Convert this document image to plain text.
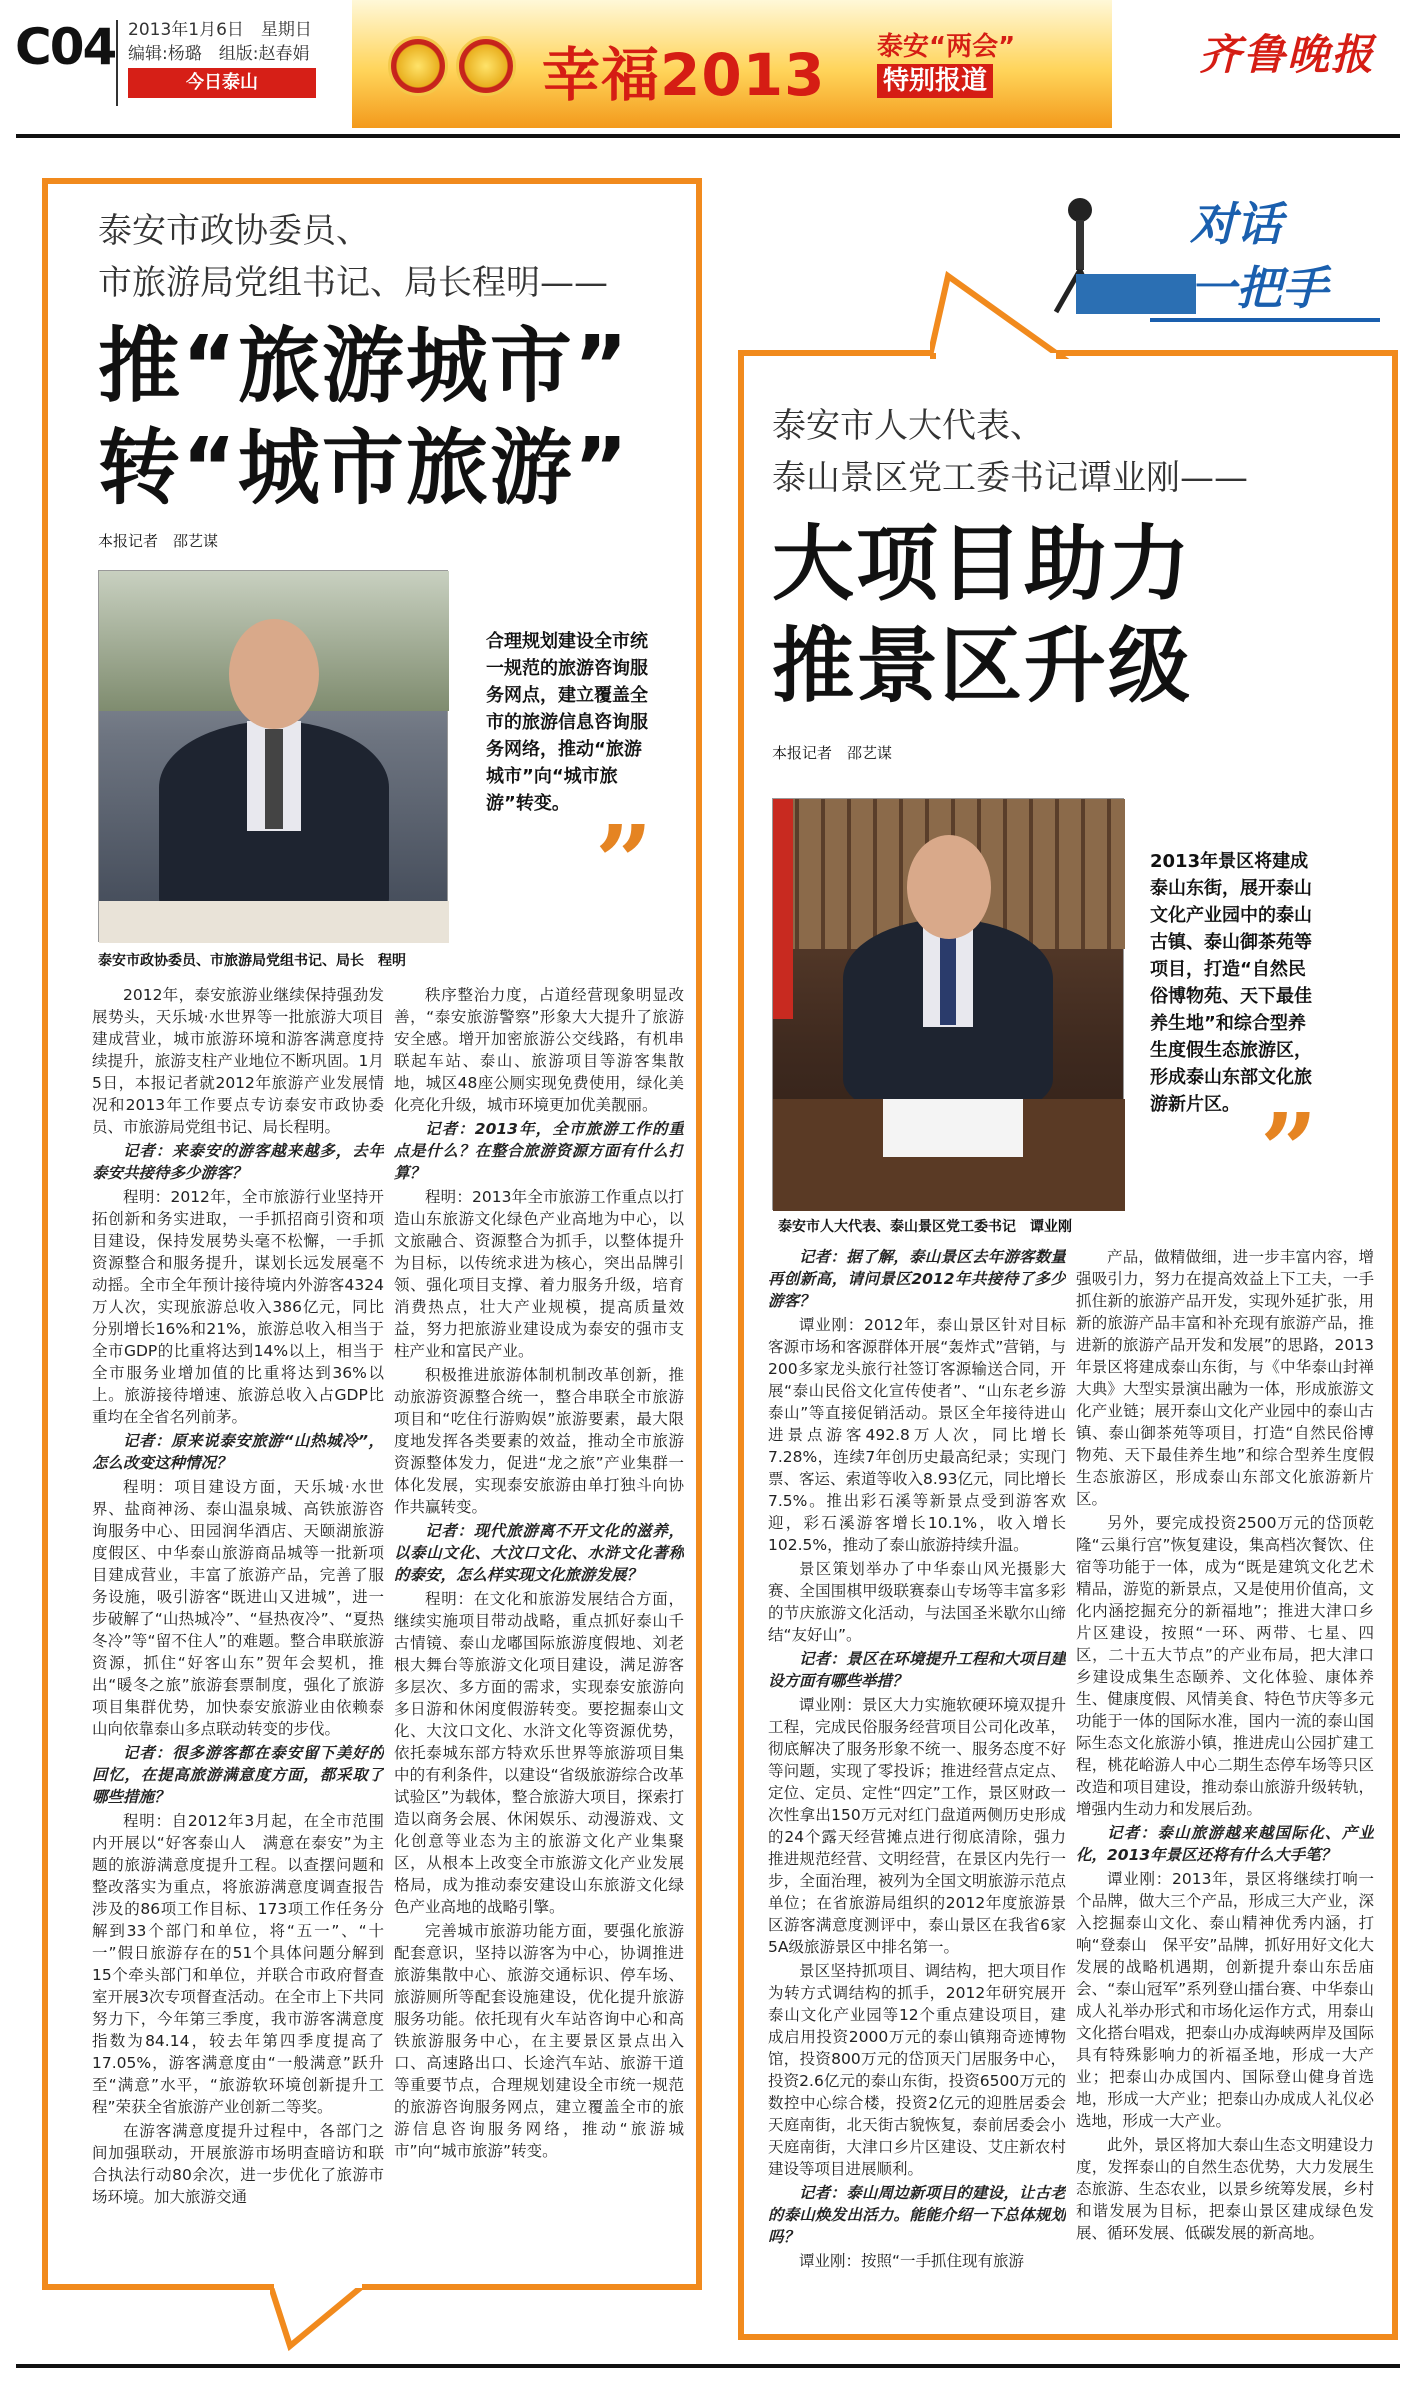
C04 2013年1月6日　星期日
编辑:杨璐　组版:赵春娟
今日泰山	幸福2013 泰安“两会”
特别报道
齐鲁晚报
泰安市政协委员、
市旅游局党组书记、局长程明——
推“旅游城市”
转“城市旅游”
本报记者　邵艺谋
泰安市政协委员、市旅游局党组书记、局长　程明
合理规划建设全市统一规范的旅游咨询服务网点，建立覆盖全市的旅游信息咨询服务网络，推动“旅游城市”向“城市旅游”转变。 ”

2012年，泰安旅游业继续保持强劲发展势头，天乐城·水世界等一批旅游大项目建成营业，城市旅游环境和游客满意度持续提升，旅游支柱产业地位不断巩固。1月5日，本报记者就2012年旅游产业发展情况和2013年工作要点专访泰安市政协委员、市旅游局党组书记、局长程明。

记者：来泰安的游客越来越多，去年泰安共接待多少游客？

程明：2012年，全市旅游行业坚持开拓创新和务实进取，一手抓招商引资和项目建设，保持发展势头毫不松懈，一手抓资源整合和服务提升，谋划长远发展毫不动摇。全市全年预计接待境内外游客4324万人次，实现旅游总收入386亿元，同比分别增长16%和21%，旅游总收入相当于全市GDP的比重将达到14%以上，相当于全市服务业增加值的比重将达到36%以上。旅游接待增速、旅游总收入占GDP比重均在全省名列前茅。

记者：原来说泰安旅游“山热城冷”，怎么改变这种情况？

程明：项目建设方面，天乐城·水世界、盐商神汤、泰山温泉城、高铁旅游咨询服务中心、田园润华酒店、天颐湖旅游度假区、中华泰山旅游商品城等一批新项目建成营业，丰富了旅游产品，完善了服务设施，吸引游客“既进山又进城”，进一步破解了“山热城冷”、“昼热夜冷”、“夏热冬冷”等“留不住人”的难题。整合串联旅游资源，抓住“好客山东”贺年会契机，推出“暖冬之旅”旅游套票制度，强化了旅游项目集群优势，加快泰安旅游业由依赖泰山向依靠泰山多点联动转变的步伐。

记者：很多游客都在泰安留下美好的回忆，在提高旅游满意度方面，都采取了哪些措施？

程明：自2012年3月起，在全市范围内开展以“好客泰山人　满意在泰安”为主题的旅游满意度提升工程。以查摆问题和整改落实为重点，将旅游满意度调查报告涉及的86项工作目标、173项工作任务分解到33个部门和单位，将“五一”、“十一”假日旅游存在的51个具体问题分解到15个牵头部门和单位，并联合市政府督查室开展3次专项督查活动。在全市上下共同努力下，今年第三季度，我市游客满意度指数为84.14，较去年第四季度提高了17.05%，游客满意度由“一般满意”跃升至“满意”水平，“旅游软环境创新提升工程”荣获全省旅游产业创新二等奖。

在游客满意度提升过程中，各部门之间加强联动，开展旅游市场明查暗访和联合执法行动80余次，进一步优化了旅游市场环境。加大旅游交通

秩序整治力度，占道经营现象明显改善，“泰安旅游警察”形象大大提升了旅游安全感。增开加密旅游公交线路，有机串联起车站、泰山、旅游项目等游客集散地，城区48座公厕实现免费使用，绿化美化亮化升级，城市环境更加优美靓丽。

记者：2013年，全市旅游工作的重点是什么？在整合旅游资源方面有什么打算？

程明：2013年全市旅游工作重点以打造山东旅游文化绿色产业高地为中心，以文旅融合、资源整合为抓手，以整体提升为目标，以传统求进为核心，突出品牌引领、强化项目支撑、着力服务升级，培育消费热点，壮大产业规模，提高质量效益，努力把旅游业建设成为泰安的强市支柱产业和富民产业。

积极推进旅游体制机制改革创新，推动旅游资源整合统一，整合串联全市旅游项目和“吃住行游购娱”旅游要素，最大限度地发挥各类要素的效益，推动全市旅游资源整体发力，促进“龙之旅”产业集群一体化发展，实现泰安旅游由单打独斗向协作共赢转变。

记者：现代旅游离不开文化的滋养，以泰山文化、大汶口文化、水浒文化著称的泰安，怎么样实现文化旅游发展？

程明：在文化和旅游发展结合方面，继续实施项目带动战略，重点抓好泰山千古情镜、泰山龙嘟国际旅游度假地、刘老根大舞台等旅游文化项目建设，满足游客多层次、多方面的需求，实现泰安旅游向多日游和休闲度假游转变。要挖掘泰山文化、大汶口文化、水浒文化等资源优势，依托泰城东部方特欢乐世界等旅游项目集中的有利条件，以建设“省级旅游综合改革试验区”为载体，整合旅游大项目，探索打造以商务会展、休闲娱乐、动漫游戏、文化创意等业态为主的旅游文化产业集聚区，从根本上改变全市旅游文化产业发展格局，成为推动泰安建设山东旅游文化绿色产业高地的战略引擎。

完善城市旅游功能方面，要强化旅游配套意识，坚持以游客为中心，协调推进旅游集散中心、旅游交通标识、停车场、旅游厕所等配套设施建设，优化提升旅游服务功能。依托现有火车站咨询中心和高铁旅游服务中心，在主要景区景点出入口、高速路出口、长途汽车站、旅游干道等重要节点，合理规划建设全市统一规范的旅游咨询服务网点，建立覆盖全市的旅游信息咨询服务网络，推动“旅游城市”向“城市旅游”转变。

对话
一把手
泰安市人大代表、
泰山景区党工委书记谭业刚——
大项目助力
推景区升级
本报记者　邵艺谋
泰安市人大代表、泰山景区党工委书记　谭业刚
2013年景区将建成泰山东街，展开泰山文化产业园中的泰山古镇、泰山御茶苑等项目，打造“自然民俗博物苑、天下最佳养生地”和综合型养生度假生态旅游区，形成泰山东部文化旅游新片区。 ”

记者：据了解，泰山景区去年游客数量再创新高，请问景区2012年共接待了多少游客？

谭业刚：2012年，泰山景区针对目标客源市场和客源群体开展“轰炸式”营销，与200多家龙头旅行社签订客源输送合同，开展“泰山民俗文化宣传使者”、“山东老乡游泰山”等直接促销活动。景区全年接待进山进景点游客492.8万人次，同比增长7.28%，连续7年创历史最高纪录；实现门票、客运、索道等收入8.93亿元，同比增长7.5%。推出彩石溪等新景点受到游客欢迎，彩石溪游客增长10.1%，收入增长102.5%，推动了泰山旅游持续升温。

景区策划举办了中华泰山风光摄影大赛、全国围棋甲级联赛泰山专场等丰富多彩的节庆旅游文化活动，与法国圣米歇尔山缔结“友好山”。

记者：景区在环境提升工程和大项目建设方面有哪些举措？

谭业刚：景区大力实施软硬环境双提升工程，完成民俗服务经营项目公司化改革，彻底解决了服务形象不统一、服务态度不好等问题，实现了零投诉；推进经营点定点、定位、定员、定性“四定”工作，景区财政一次性拿出150万元对红门盘道两侧历史形成的24个露天经营摊点进行彻底清除，强力推进规范经营、文明经营，在景区内先行一步，全面治理，被列为全国文明旅游示范点单位；在省旅游局组织的2012年度旅游景区游客满意度测评中，泰山景区在我省6家5A级旅游景区中排名第一。

景区坚持抓项目、调结构，把大项目作为转方式调结构的抓手，2012年研究展开泰山文化产业园等12个重点建设项目，建成启用投资2000万元的泰山镇翔奇迹博物馆，投资800万元的岱顶天门居服务中心，投资2.6亿元的泰山东街，投资6500万元的数控中心综合楼，投资2亿元的迎胜居委会天庭南街，北天街古貌恢复，泰前居委会小天庭南街，大津口乡片区建设、艾庄新农村建设等项目进展顺利。

记者：泰山周边新项目的建设，让古老的泰山焕发出活力。能能介绍一下总体规划吗？

谭业刚：按照“一手抓住现有旅游

产品，做精做细，进一步丰富内容，增强吸引力，努力在提高效益上下工夫，一手抓住新的旅游产品开发，实现外延扩张，用新的旅游产品丰富和补充现有旅游产品，推进新的旅游产品开发和发展”的思路，2013年景区将建成泰山东街，与《中华泰山封禅大典》大型实景演出融为一体，形成旅游文化产业链；展开泰山文化产业园中的泰山古镇、泰山御茶苑等项目，打造“自然民俗博物苑、天下最佳养生地”和综合型养生度假生态旅游区，形成泰山东部文化旅游新片区。

另外，要完成投资2500万元的岱顶乾隆“云巢行宫”恢复建设，集高档次餐饮、住宿等功能于一体，成为“既是建筑文化艺术精品，游览的新景点，又是使用价值高，文化内涵挖掘充分的新福地”；推进大津口乡片区建设，按照“一环、两带、七星、四区，二十五大节点”的产业布局，把大津口乡建设成集生态颐养、文化体验、康体养生、健康度假、风情美食、特色节庆等多元功能于一体的国际水准，国内一流的泰山国际生态文化旅游小镇，推进虎山公园扩建工程，桃花峪游人中心二期生态停车场等只区改造和项目建设，推动泰山旅游升级转轨，增强内生动力和发展后劲。

记者：泰山旅游越来越国际化、产业化，2013年景区还将有什么大手笔？

谭业刚：2013年，景区将继续打响一个品牌，做大三个产品，形成三大产业，深入挖掘泰山文化、泰山精神优秀内涵，打响“登泰山　保平安”品牌，抓好用好文化大发展的战略机遇期，创新提升泰山东岳庙会、“泰山冠军”系列登山擂台赛、中华泰山成人礼举办形式和市场化运作方式，用泰山文化搭台唱戏，把泰山办成海峡两岸及国际具有特殊影响力的祈福圣地，形成一大产业；把泰山办成国内、国际登山健身首选地，形成一大产业；把泰山办成成人礼仪必选地，形成一大产业。

此外，景区将加大泰山生态文明建设力度，发挥泰山的自然生态优势，大力发展生态旅游、生态农业，以景乡统筹发展，乡村和谐发展为目标，把泰山景区建成绿色发展、循环发展、低碳发展的新高地。
